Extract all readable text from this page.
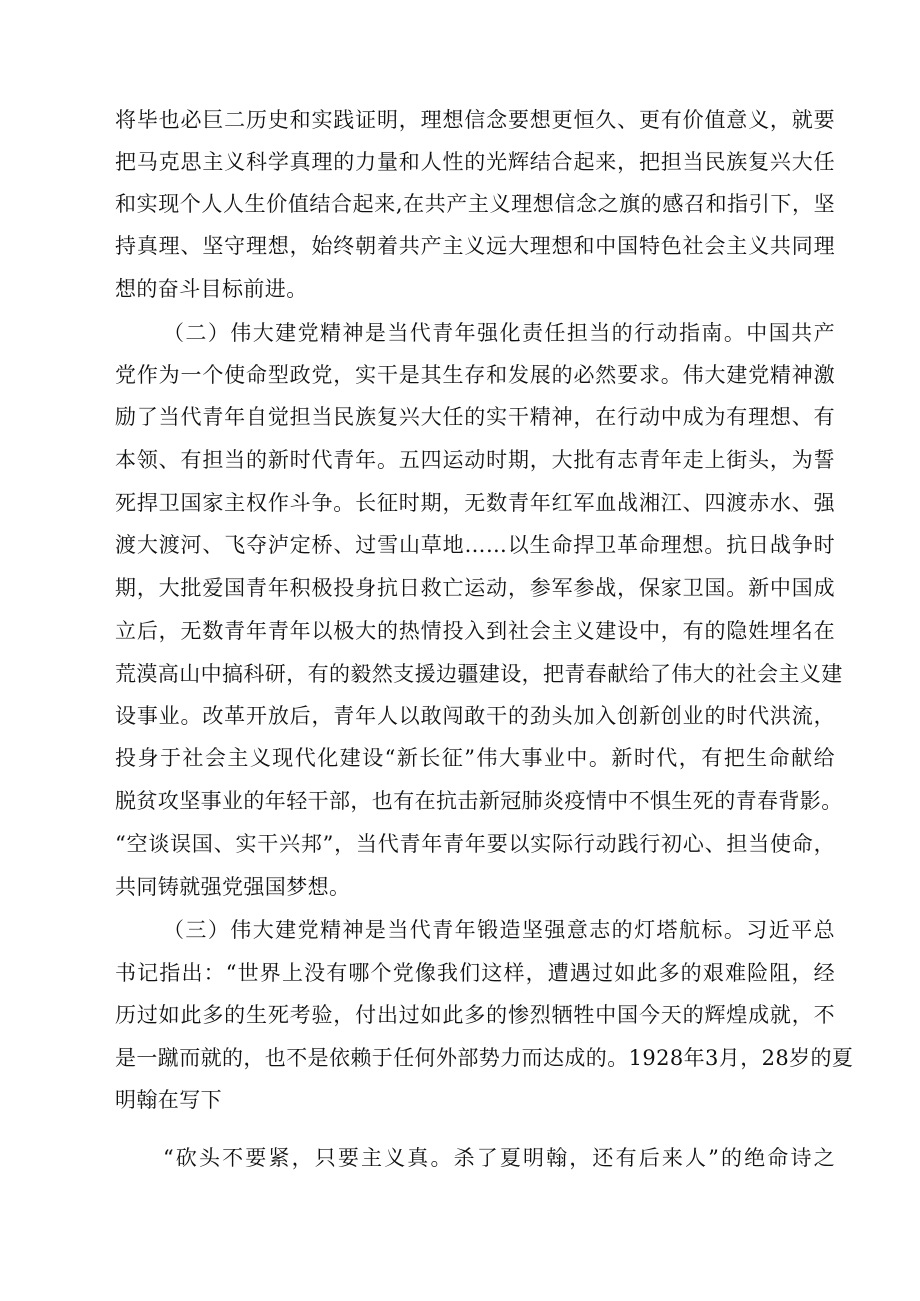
将毕也必巨二历史和实践证明，理想信念要想更恒久、更有价值意义，就要
把马克思主义科学真理的力量和人性的光辉结合起来，把担当民族复兴大任
和实现个人人生价值结合起来,在共产主义理想信念之旗的感召和指引下，坚
持真理、坚守理想，始终朝着共产主义远大理想和中国特色社会主义共同理
想的奋斗目标前进。
（二）伟大建党精神是当代青年强化责任担当的行动指南。中国共产
党作为一个使命型政党，实干是其生存和发展的必然要求。伟大建党精神激
励了当代青年自觉担当民族复兴大任的实干精神，在行动中成为有理想、有
本领、有担当的新时代青年。五四运动时期，大批有志青年走上街头，为誓
死捍卫国家主权作斗争。长征时期，无数青年红军血战湘江、四渡赤水、强
渡大渡河、飞夺泸定桥、过雪山草地……以生命捍卫革命理想。抗日战争时
期，大批爱国青年积极投身抗日救亡运动，参军参战，保家卫国。新中国成
立后，无数青年青年以极大的热情投入到社会主义建设中，有的隐姓埋名在
荒漠高山中搞科研，有的毅然支援边疆建设，把青春献给了伟大的社会主义建
设事业。改革开放后，青年人以敢闯敢干的劲头加入创新创业的时代洪流，
投身于社会主义现代化建设“新长征”伟大事业中。新时代，有把生命献给
脱贫攻坚事业的年轻干部，也有在抗击新冠肺炎疫情中不惧生死的青春背影。
“空谈误国、实干兴邦”，当代青年青年要以实际行动践行初心、担当使命，
共同铸就强党强国梦想。
（三）伟大建党精神是当代青年锻造坚强意志的灯塔航标。习近平总
书记指出：“世界上没有哪个党像我们这样，遭遇过如此多的艰难险阻，经
历过如此多的生死考验，付出过如此多的惨烈牺牲中国今天的辉煌成就，不
是一蹴而就的，也不是依赖于任何外部势力而达成的。1928年3月，28岁的夏
明翰在写下
“砍头不要紧，只要主义真。杀了夏明翰，还有后来人”的绝命诗之
